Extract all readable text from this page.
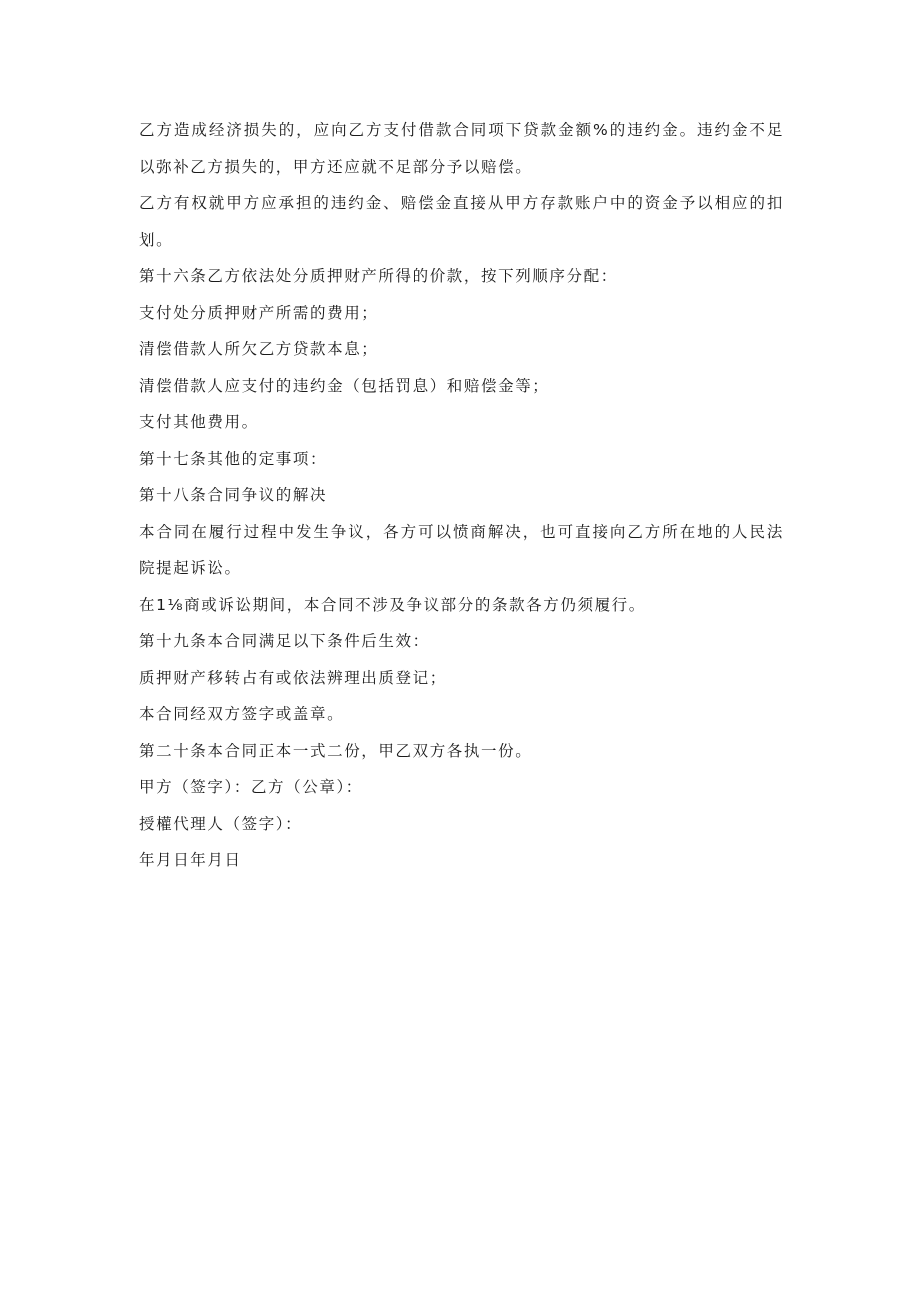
乙方造成经济损失的，应向乙方支付借款合同项下贷款金额%的违约金。违约金不足以弥补乙方损失的，甲方还应就不足部分予以赔偿。

乙方有权就甲方应承担的违约金、赔偿金直接从甲方存款账户中的资金予以相应的扣划。

第十六条乙方依法处分质押财产所得的价款，按下列顺序分配：

支付处分质押财产所需的费用；

清偿借款人所欠乙方贷款本息；

清偿借款人应支付的违约金（包括罚息）和赔偿金等；

支付其他费用。

第十七条其他的定事项：

第十八条合同争议的解决

本合同在履行过程中发生争议，各方可以愤商解决，也可直接向乙方所在地的人民法院提起诉讼。

在1⅛商或诉讼期间，本合同不涉及争议部分的条款各方仍须履行。

第十九条本合同满足以下条件后生效：

质押财产移转占有或依法辨理出质登记；

本合同经双方签字或盖章。

第二十条本合同正本一式二份，甲乙双方各执一份。

甲方（签字）：乙方（公章）：

授權代理人（签字）：

年月日年月日
